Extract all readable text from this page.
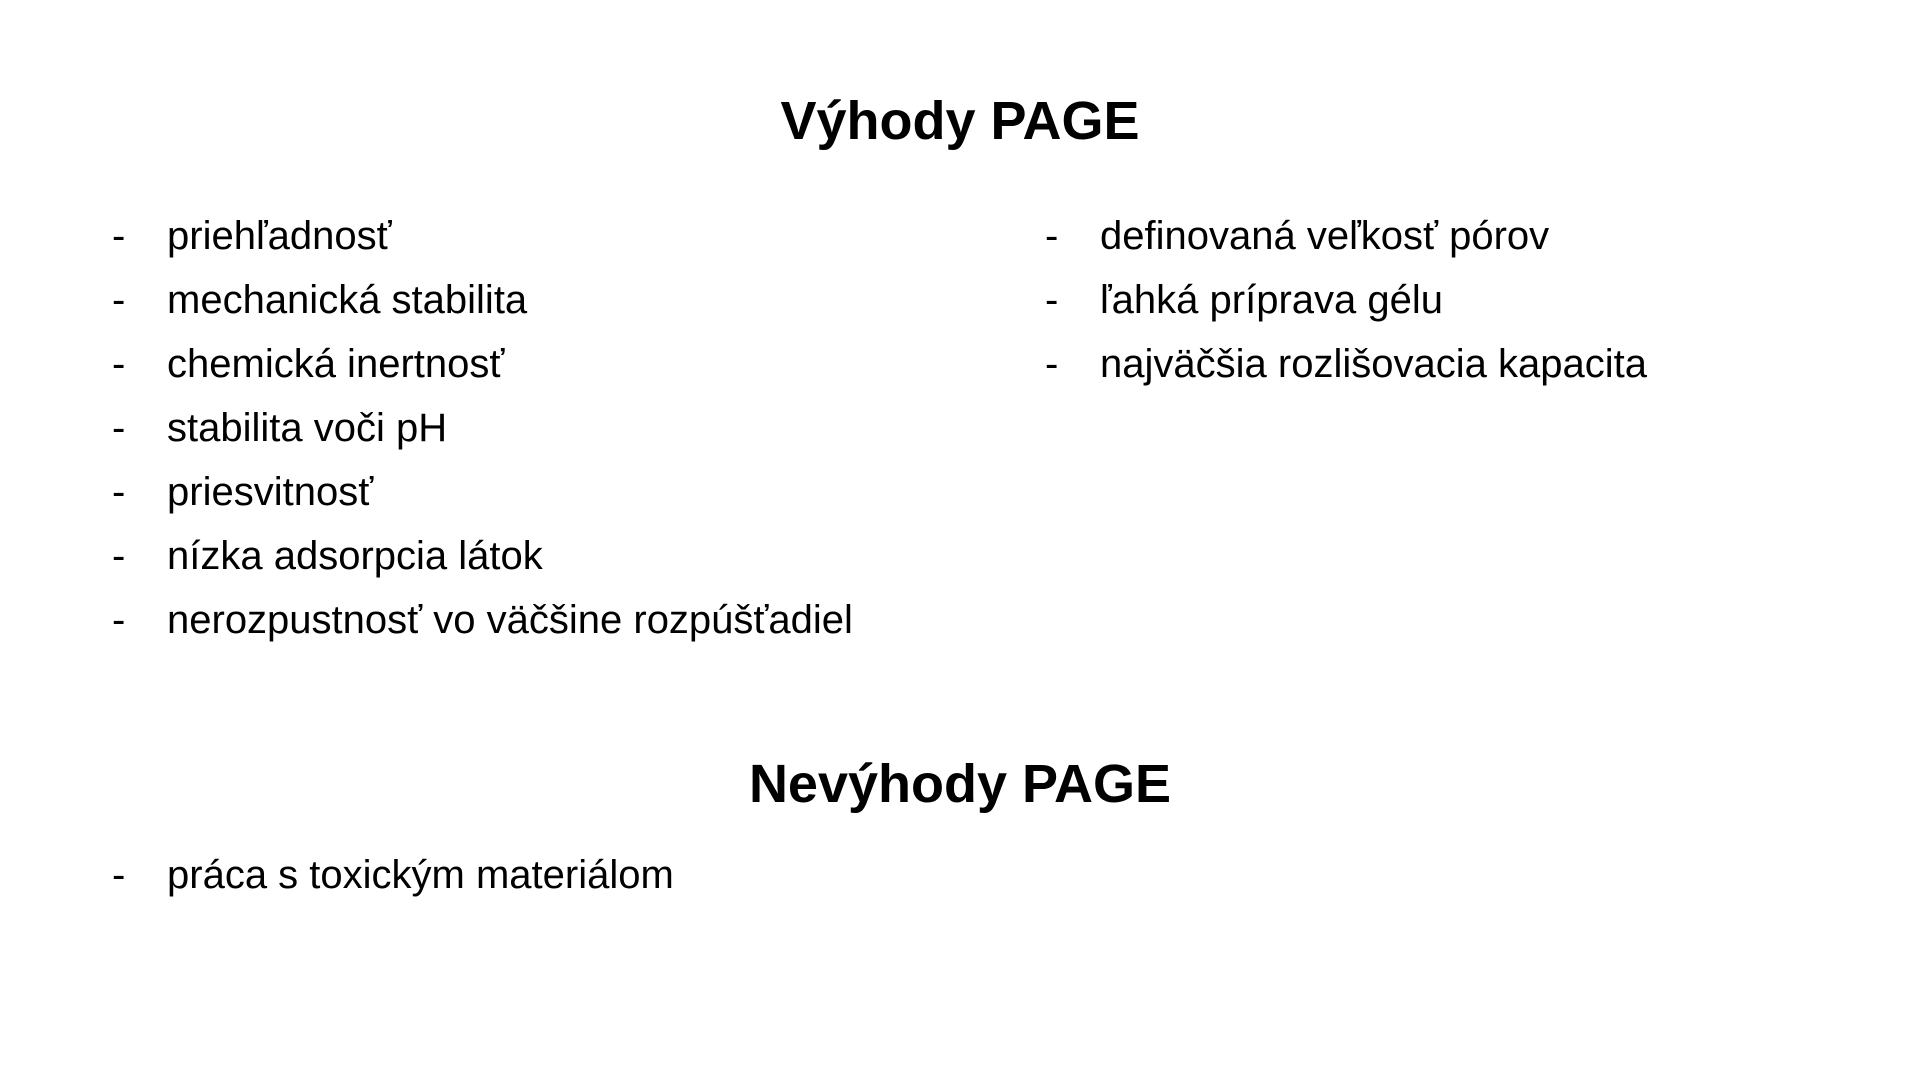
Výhody PAGE
-	priehľadnosť
-	mechanická stabilita
-	chemická inertnosť
-	stabilita voči pH
-	priesvitnosť
-	nízka adsorpcia látok
-	nerozpustnosť vo väčšine rozpúšťadiel
-	definovaná veľkosť pórov
-	ľahká príprava gélu
-	najväčšia rozlišovacia kapacita
Nevýhody PAGE
-	práca s toxickým materiálom
